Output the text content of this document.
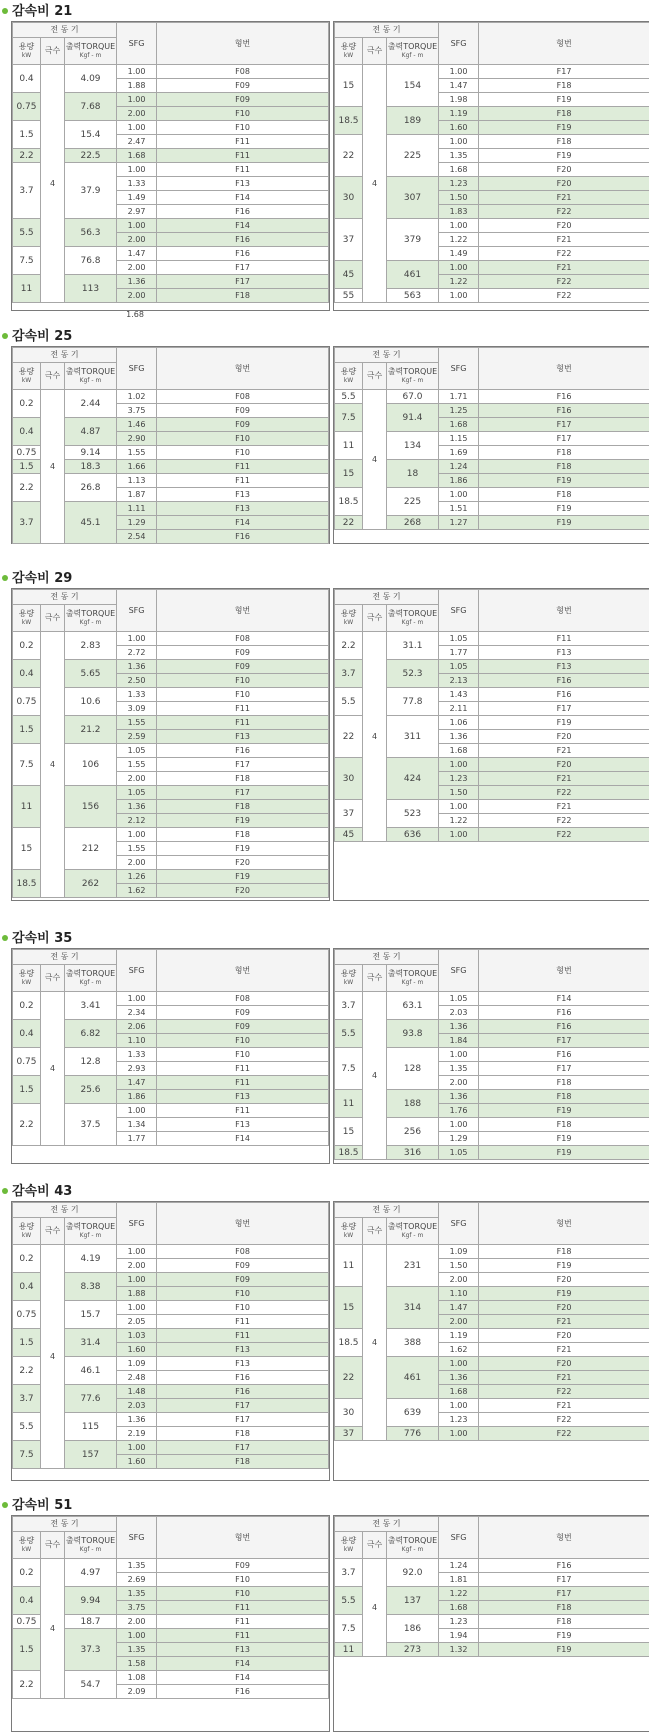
감속비 21
전 동 기			SFG	형번
용량
kW	극수	출력TORQUE
Kgf - m		

0.4	4	4.09	1.00	F08
			1.88	F09
0.75		7.68	1.00	F09
			2.00	F10
1.5		15.4	1.00	F10
			2.47	F11
2.2		22.5	1.68	F11
3.7		37.9	1.00	F11
			1.33	F13
			1.49	F14
			2.97	F16
5.5		56.3	1.00	F14
			2.00	F16
7.5		76.8	1.47	F16
			2.00	F17
11		113	1.36	F17
			2.00	F18
전 동 기			SFG	형번
용량
kW	극수	출력TORQUE
Kgf - m		

15	4	154	1.00	F17
			1.47	F18
			1.98	F19
18.5		189	1.19	F18
			1.60	F19
22		225	1.00	F18
			1.35	F19
			1.68	F20
30		307	1.23	F20
			1.50	F21
			1.83	F22
37		379	1.00	F20
			1.22	F21
			1.49	F22
45		461	1.00	F21
			1.22	F22
55		563	1.00	F22
1.68
감속비 25
전 동 기			SFG	형번
용량
kW	극수	출력TORQUE
Kgf - m		

0.2	4	2.44	1.02	F08
			3.75	F09
0.4		4.87	1.46	F09
			2.90	F10
0.75		9.14	1.55	F10
1.5		18.3	1.66	F11
2.2		26.8	1.13	F11
			1.87	F13
3.7		45.1	1.11	F13
			1.29	F14
			2.54	F16
전 동 기			SFG	형번
용량
kW	극수	출력TORQUE
Kgf - m		

5.5	4	67.0	1.71	F16
7.5		91.4	1.25	F16
			1.68	F17
11		134	1.15	F17
			1.69	F18
15		18	1.24	F18
			1.86	F19
18.5		225	1.00	F18
			1.51	F19
22		268	1.27	F19
감속비 29
전 동 기			SFG	형번
용량
kW	극수	출력TORQUE
Kgf - m		

0.2	4	2.83	1.00	F08
			2.72	F09
0.4		5.65	1.36	F09
			2.50	F10
0.75		10.6	1.33	F10
			3.09	F11
1.5		21.2	1.55	F11
			2.59	F13
7.5		106	1.05	F16
			1.55	F17
			2.00	F18
11		156	1.05	F17
			1.36	F18
			2.12	F19
15		212	1.00	F18
			1.55	F19
			2.00	F20
18.5		262	1.26	F19
			1.62	F20
전 동 기			SFG	형번
용량
kW	극수	출력TORQUE
Kgf - m		

2.2	4	31.1	1.05	F11
			1.77	F13
3.7		52.3	1.05	F13
			2.13	F16
5.5		77.8	1.43	F16
			2.11	F17
22		311	1.06	F19
			1.36	F20
			1.68	F21
30		424	1.00	F20
			1.23	F21
			1.50	F22
37		523	1.00	F21
			1.22	F22
45		636	1.00	F22
감속비 35
전 동 기			SFG	형번
용량
kW	극수	출력TORQUE
Kgf - m		

0.2	4	3.41	1.00	F08
			2.34	F09
0.4		6.82	2.06	F09
			1.10	F10
0.75		12.8	1.33	F10
			2.93	F11
1.5		25.6	1.47	F11
			1.86	F13
2.2		37.5	1.00	F11
			1.34	F13
			1.77	F14
전 동 기			SFG	형번
용량
kW	극수	출력TORQUE
Kgf - m		

3.7	4	63.1	1.05	F14
			2.03	F16
5.5		93.8	1.36	F16
			1.84	F17
7.5		128	1.00	F16
			1.35	F17
			2.00	F18
11		188	1.36	F18
			1.76	F19
15		256	1.00	F18
			1.29	F19
18.5		316	1.05	F19
감속비 43
전 동 기			SFG	형번
용량
kW	극수	출력TORQUE
Kgf - m		

0.2	4	4.19	1.00	F08
			2.00	F09
0.4		8.38	1.00	F09
			1.88	F10
0.75		15.7	1.00	F10
			2.05	F11
1.5		31.4	1.03	F11
			1.60	F13
2.2		46.1	1.09	F13
			2.48	F16
3.7		77.6	1.48	F16
			2.03	F17
5.5		115	1.36	F17
			2.19	F18
7.5		157	1.00	F17
			1.60	F18
전 동 기			SFG	형번
용량
kW	극수	출력TORQUE
Kgf - m		

11	4	231	1.09	F18
			1.50	F19
			2.00	F20
15		314	1.10	F19
			1.47	F20
			2.00	F21
18.5		388	1.19	F20
			1.62	F21
22		461	1.00	F20
			1.36	F21
			1.68	F22
30		639	1.00	F21
			1.23	F22
37		776	1.00	F22
감속비 51
전 동 기			SFG	형번
용량
kW	극수	출력TORQUE
Kgf - m		

0.2	4	4.97	1.35	F09
			2.69	F10
0.4		9.94	1.35	F10
			3.75	F11
0.75		18.7	2.00	F11
1.5		37.3	1.00	F11
			1.35	F13
			1.58	F14
2.2		54.7	1.08	F14
			2.09	F16
전 동 기			SFG	형번
용량
kW	극수	출력TORQUE
Kgf - m		

3.7	4	92.0	1.24	F16
			1.81	F17
5.5		137	1.22	F17
			1.68	F18
7.5		186	1.23	F18
			1.94	F19
11		273	1.32	F19
